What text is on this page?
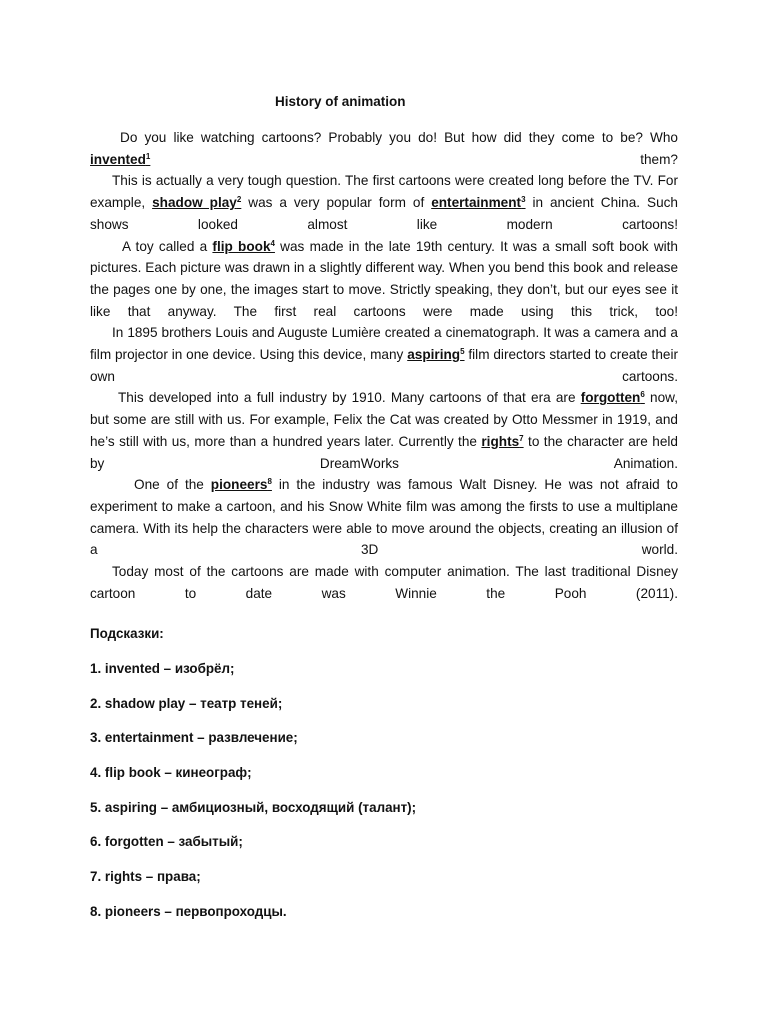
History of animation

Do you like watching cartoons? Probably you do! But how did they come to be? Who invented$^1$ them?

This is actually a very tough question. The first cartoons were created long before the TV. For example, shadow play$^2$ was a very popular form of entertainment$^3$ in ancient China. Such shows looked almost like modern cartoons!

A toy called a flip book$^4$ was made in the late 19th century. It was a small soft book with pictures. Each picture was drawn in a slightly different way. When you bend this book and release the pages one by one, the images start to move. Strictly speaking, they don’t, but our eyes see it like that anyway. The first real cartoons were made using this trick, too!

In 1895 brothers Louis and Auguste Lumière created a cinematograph. It was a camera and a film projector in one device. Using this device, many aspiring$^5$ film directors started to create their own cartoons.

This developed into a full industry by 1910. Many cartoons of that era are forgotten$^6$ now, but some are still with us. For example, Felix the Cat was created by Otto Messmer in 1919, and he’s still with us, more than a hundred years later. Currently the rights$^7$ to the character are held by DreamWorks Animation.

One of the pioneers$^8$ in the industry was famous Walt Disney. He was not afraid to experiment to make a cartoon, and his Snow White film was among the firsts to use a multiplane camera. With its help the characters were able to move around the objects, creating an illusion of a 3D world.

Today most of the cartoons are made with computer animation. The last traditional Disney cartoon to date was Winnie the Pooh (2011).

Подсказки:

1. invented – изобрёл;

2. shadow play – театр теней;

3. entertainment – развлечение;

4. flip book – кинеограф;

5. aspiring – амбициозный, восходящий (талант);

6. forgotten – забытый;

7. rights – права;

8. pioneers – первопроходцы.
